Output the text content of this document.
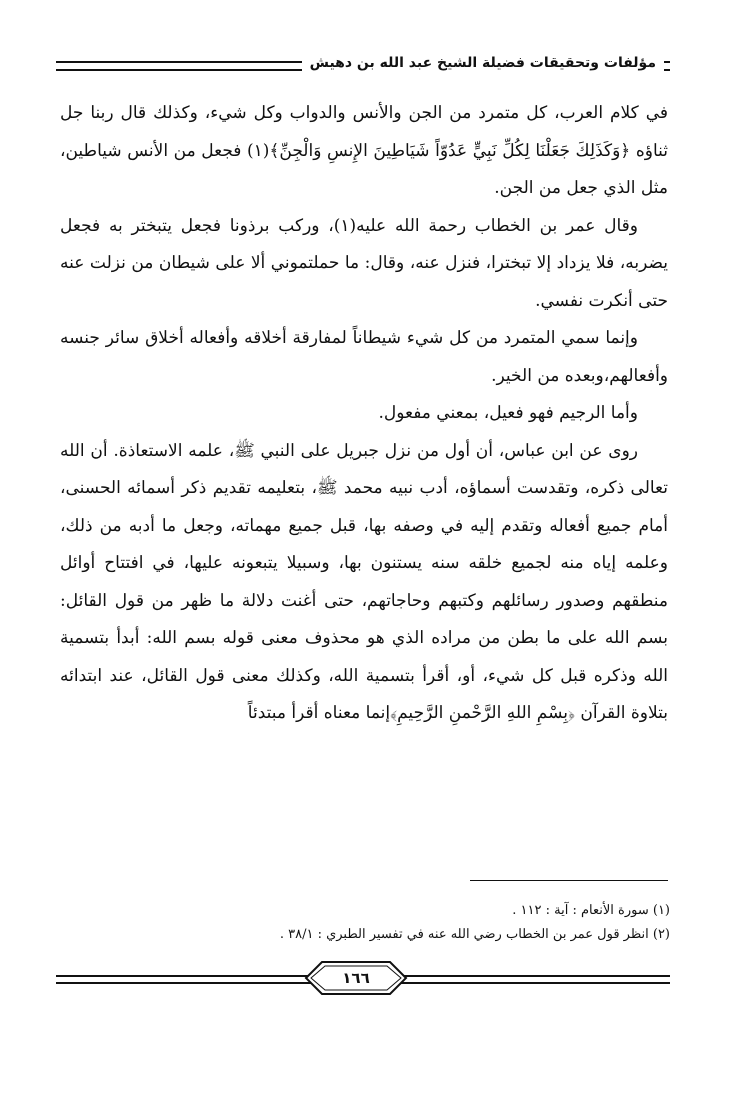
مؤلفات وتحقيقات فضيلة الشيخ عبد الله بن دهيش

في كلام العرب، كل متمرد من الجن والأنس والدواب وكل شيء، وكذلك قال ربنا جل ثناؤه ﴿وَكَذَلِكَ جَعَلْنَا لِكُلِّ نَبِيٍّ عَدُوّاً شَيَاطِينَ الإِنسِ وَالْجِنِّ﴾(١) فجعل من الأنس شياطين، مثل الذي جعل من الجن.

وقال عمر بن الخطاب رحمة الله عليه(١)، وركب برذونا فجعل يتبختر به فجعل يضربه، فلا يزداد إلا تبخترا، فنزل عنه، وقال: ما حملتموني ألا على شيطان من نزلت عنه حتى أنكرت نفسي.

وإنما سمي المتمرد من كل شيء شيطاناً لمفارقة أخلاقه وأفعاله أخلاق سائر جنسه وأفعالهم،وبعده من الخير.

وأما الرجيم فهو فعيل، بمعني مفعول.

روى عن ابن عباس، أن أول من نزل جبريل على النبي ﷺ، علمه الاستعاذة. أن الله تعالى ذكره، وتقدست أسماؤه، أدب نبيه محمد ﷺ، بتعليمه تقديم ذكر أسمائه الحسنى، أمام جميع أفعاله وتقدم إليه في وصفه بها، قبل جميع مهماته، وجعل ما أدبه من ذلك، وعلمه إياه منه لجميع خلقه سنه يستنون بها، وسبيلا يتبعونه عليها، في افتتاح أوائل منطقهم وصدور رسائلهم وكتبهم وحاجاتهم، حتى أغنت دلالة ما ظهر من قول القائل: بسم الله على ما بطن من مراده الذي هو محذوف معنى قوله بسم الله: أبدأ بتسمية الله وذكره قبل كل شيء، أو، أقرأ بتسمية الله، وكذلك معنى قول القائل، عند ابتدائه بتلاوة القرآن ﴿بِسْمِ اللهِ الرَّحْمنِ الرَّحِيمِ﴾إنما معناه أقرأ مبتدئاً

(١) سورة الأنعام : آية : ١١٢ .

(٢) انظر قول عمر بن الخطاب رضي الله عنه في تفسير الطبري : ٣٨/١ .

١٦٦
